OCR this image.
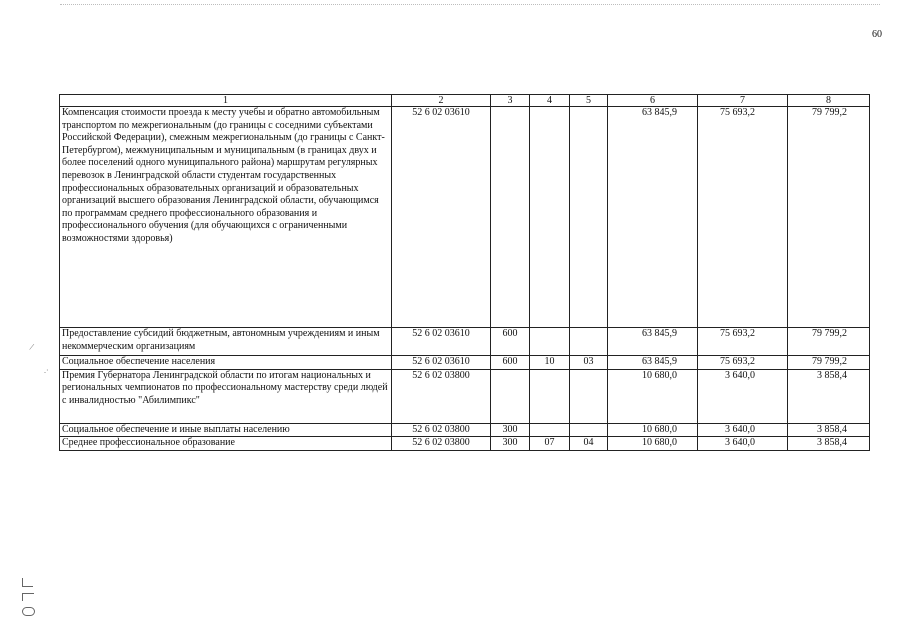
60
1	2	3	4	5	6	7	8
Компенсация стоимости проезда к месту учебы и обратно автомобильным транспортом по межрегиональным (до границы с соседними субъектами Российской Федерации), смежным межрегиональным (до границы с Санкт-Петербургом), межмуниципальным и муниципальным (в границах двух и более поселений одного муниципального района) маршрутам регулярных перевозок в Ленинградской области студентам государственных профессиональных образовательных организаций и образовательных организаций высшего образования Ленинградской области, обучающимся по программам среднего профессионального образования и профессионального обучения (для обучающихся с ограниченными возможностями здоровья)	52 6 02 03610				63 845,9	75 693,2	79 799,2
Предоставление субсидий бюджетным, автономным учреждениям и иным некоммерческим организациям	52 6 02 03610	600			63 845,9	75 693,2	79 799,2
Социальное обеспечение населения	52 6 02 03610	600	10	03	63 845,9	75 693,2	79 799,2
Премия Губернатора Ленинградской области по итогам национальных и региональных чемпионатов по профессиональному мастерству среди людей с инвалидностью "Абилимпикс"	52 6 02 03800				10 680,0	3 640,0	3 858,4
Социальное обеспечение и иные выплаты населению	52 6 02 03800	300			10 680,0	3 640,0	3 858,4
Среднее профессиональное образование	52 6 02 03800	300	07	04	10 680,0	3 640,0	3 858,4
/
.·
